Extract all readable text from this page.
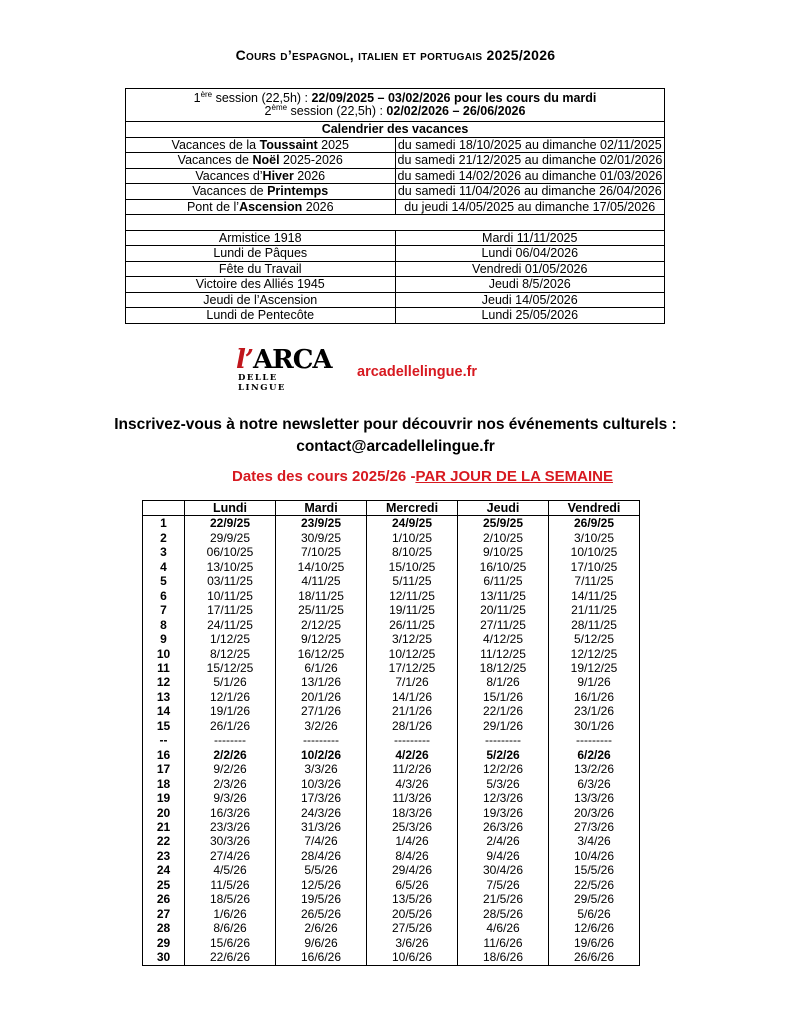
Cours d’espagnol, italien et portugais 2025/2026
1ère session (22,5h) : 22/09/2025 – 03/02/2026 pour les cours du mardi
2ème session (22,5h) : 02/02/2026 – 26/06/2026	

Calendrier des vacances	
Vacances de la Toussaint 2025	du samedi 18/10/2025 au dimanche 02/11/2025
Vacances de Noël 2025-2026	du samedi 21/12/2025 au dimanche 02/01/2026
Vacances d’Hiver 2026	du samedi 14/02/2026 au dimanche 01/03/2026
Vacances de Printemps	du samedi 11/04/2026 au dimanche 26/04/2026
Pont de l’Ascension 2026	du jeudi 14/05/2025 au dimanche 17/05/2026

Armistice 1918	Mardi 11/11/2025
Lundi de Pâques	Lundi 06/04/2026
Fête du Travail	Vendredi 01/05/2026
Victoire des Alliés 1945	Jeudi 8/5/2026
Jeudi de l’Ascension	Jeudi 14/05/2026
Lundi de Pentecôte	Lundi 25/05/2026
l’ARCA
DELLE LINGUE
arcadellelingue.fr
Inscrivez-vous à notre newsletter pour découvrir nos événements culturels :
contact@arcadellelingue.fr
Dates des cours 2025/26 -PAR JOUR DE LA SEMAINE
	Lundi	Mardi	Mercredi	Jeudi	Vendredi
1	22/9/25	23/9/25	24/9/25	25/9/25	26/9/25
2	29/9/25	30/9/25	1/10/25	2/10/25	3/10/25
3	06/10/25	7/10/25	8/10/25	9/10/25	10/10/25
4	13/10/25	14/10/25	15/10/25	16/10/25	17/10/25
5	03/11/25	4/11/25	5/11/25	6/11/25	7/11/25
6	10/11/25	18/11/25	12/11/25	13/11/25	14/11/25
7	17/11/25	25/11/25	19/11/25	20/11/25	21/11/25
8	24/11/25	2/12/25	26/11/25	27/11/25	28/11/25
9	1/12/25	9/12/25	3/12/25	4/12/25	5/12/25
10	8/12/25	16/12/25	10/12/25	11/12/25	12/12/25
11	15/12/25	6/1/26	17/12/25	18/12/25	19/12/25
12	5/1/26	13/1/26	7/1/26	8/1/26	9/1/26
13	12/1/26	20/1/26	14/1/26	15/1/26	16/1/26
14	19/1/26	27/1/26	21/1/26	22/1/26	23/1/26
15	26/1/26	3/2/26	28/1/26	29/1/26	30/1/26
--	--------	---------	---------	---------	---------
16	2/2/26	10/2/26	4/2/26	5/2/26	6/2/26
17	9/2/26	3/3/26	11/2/26	12/2/26	13/2/26
18	2/3/26	10/3/26	4/3/26	5/3/26	6/3/26
19	9/3/26	17/3/26	11/3/26	12/3/26	13/3/26
20	16/3/26	24/3/26	18/3/26	19/3/26	20/3/26
21	23/3/26	31/3/26	25/3/26	26/3/26	27/3/26
22	30/3/26	7/4/26	1/4/26	2/4/26	3/4/26
23	27/4/26	28/4/26	8/4/26	9/4/26	10/4/26
24	4/5/26	5/5/26	29/4/26	30/4/26	15/5/26
25	11/5/26	12/5/26	6/5/26	7/5/26	22/5/26
26	18/5/26	19/5/26	13/5/26	21/5/26	29/5/26
27	1/6/26	26/5/26	20/5/26	28/5/26	5/6/26
28	8/6/26	2/6/26	27/5/26	4/6/26	12/6/26
29	15/6/26	9/6/26	3/6/26	11/6/26	19/6/26
30	22/6/26	16/6/26	10/6/26	18/6/26	26/6/26
